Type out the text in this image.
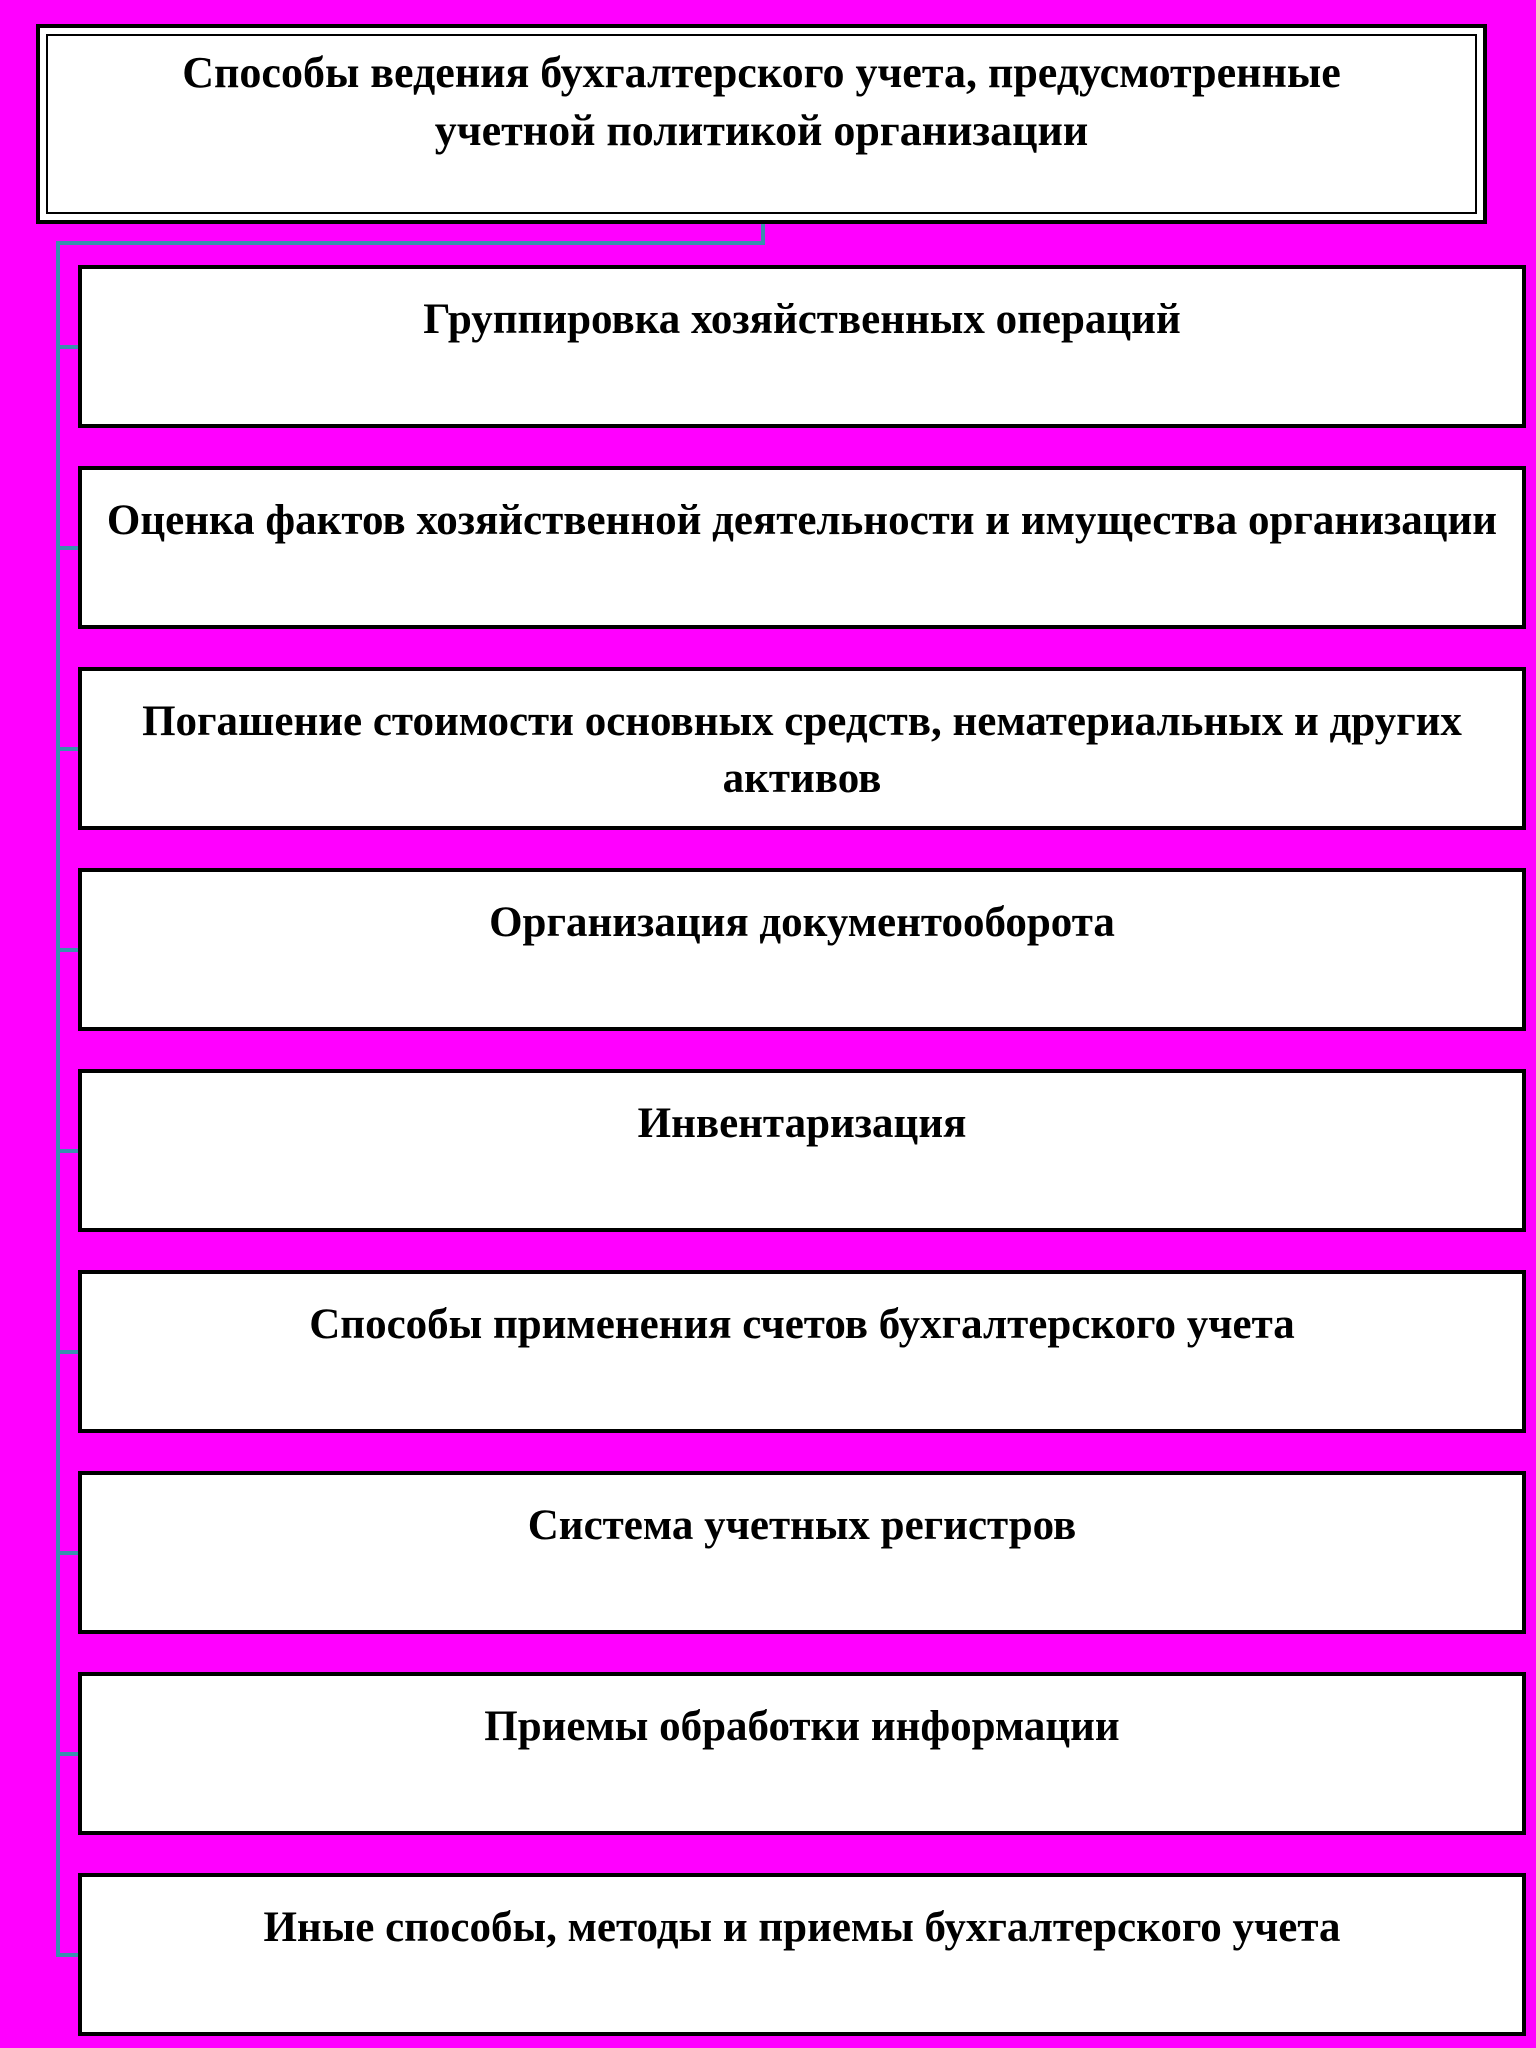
Способы ведения бухгалтерского учета, предусмотренные
учетной политикой организации
Группировка хозяйственных операций
Оценка фактов хозяйственной деятельности и имущества организации
Погашение стоимости основных средств, нематериальных и других активов
Организация документооборота
Инвентаризация
Способы применения счетов бухгалтерского учета
Система учетных регистров
Приемы обработки информации
Иные способы, методы и приемы бухгалтерского учета
